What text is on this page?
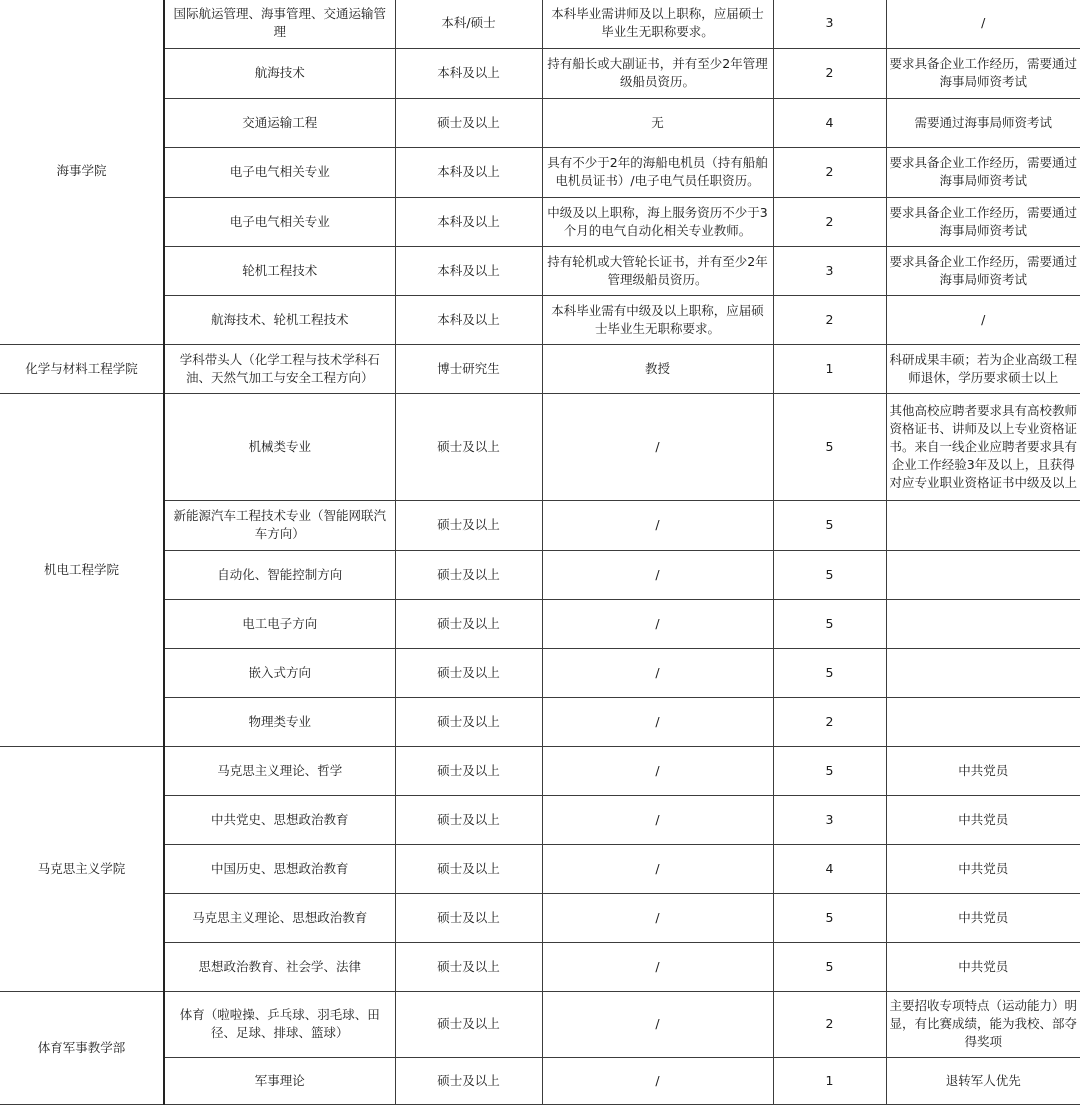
海事学院	国际航运管理、海事管理、交通运输管理	本科/硕士	本科毕业需讲师及以上职称，应届硕士毕业生无职称要求。	3	/
	航海技术	本科及以上	持有船长或大副证书，并有至少2年管理级船员资历。	2	要求具备企业工作经历，需要通过海事局师资考试
	交通运输工程	硕士及以上	无	4	需要通过海事局师资考试
	电子电气相关专业	本科及以上	具有不少于2年的海船电机员（持有船舶电机员证书）/电子电气员任职资历。	2	要求具备企业工作经历，需要通过海事局师资考试
	电子电气相关专业	本科及以上	中级及以上职称，海上服务资历不少于3个月的电气自动化相关专业教师。	2	要求具备企业工作经历，需要通过海事局师资考试
	轮机工程技术	本科及以上	持有轮机或大管轮长证书，并有至少2年管理级船员资历。	3	要求具备企业工作经历，需要通过海事局师资考试
	航海技术、轮机工程技术	本科及以上	本科毕业需有中级及以上职称，应届硕士毕业生无职称要求。	2	/
化学与材料工程学院	学科带头人（化学工程与技术学科石油、天然气加工与安全工程方向）	博士研究生	教授	1	科研成果丰硕；若为企业高级工程师退休，学历要求硕士以上
机电工程学院	机械类专业	硕士及以上	/	5	其他高校应聘者要求具有高校教师资格证书、讲师及以上专业资格证书。来自一线企业应聘者要求具有企业工作经验3年及以上，且获得对应专业职业资格证书中级及以上
	新能源汽车工程技术专业（智能网联汽车方向）	硕士及以上	/	5	
	自动化、智能控制方向	硕士及以上	/	5	
	电工电子方向	硕士及以上	/	5	
	嵌入式方向	硕士及以上	/	5	
	物理类专业	硕士及以上	/	2	
马克思主义学院	马克思主义理论、哲学	硕士及以上	/	5	中共党员
	中共党史、思想政治教育	硕士及以上	/	3	中共党员
	中国历史、思想政治教育	硕士及以上	/	4	中共党员
	马克思主义理论、思想政治教育	硕士及以上	/	5	中共党员
	思想政治教育、社会学、法律	硕士及以上	/	5	中共党员
体育军事教学部	体育（啦啦操、乒乓球、羽毛球、田径、足球、排球、篮球）	硕士及以上	/	2	主要招收专项特点（运动能力）明显，有比赛成绩，能为我校、部夺得奖项
	军事理论	硕士及以上	/	1	退转军人优先
